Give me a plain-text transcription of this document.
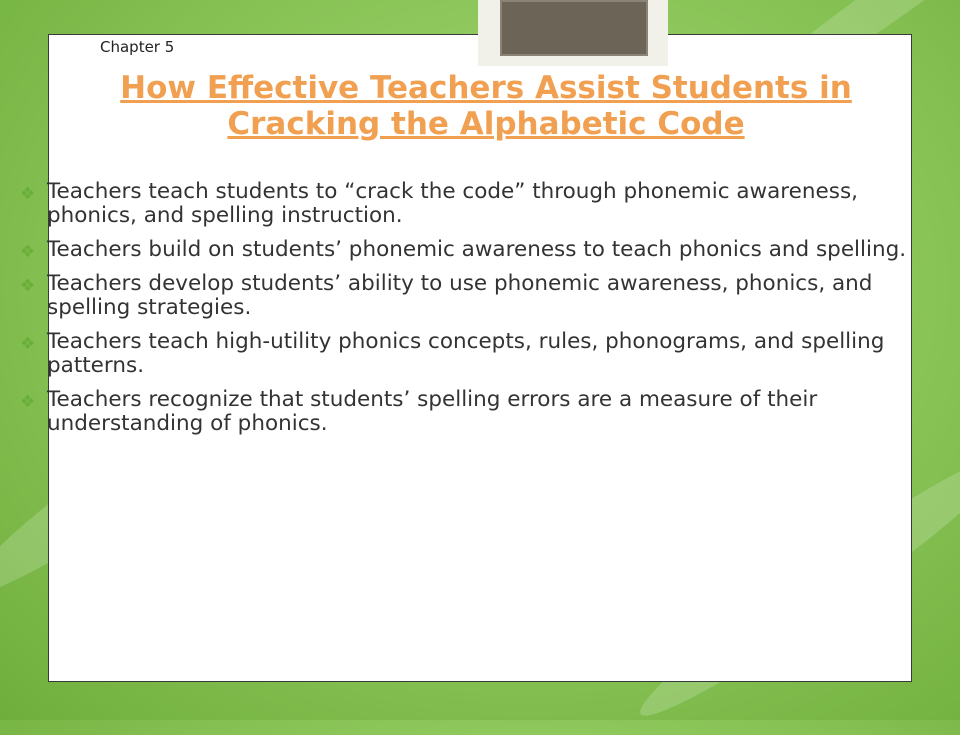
Chapter 5
How Effective Teachers Assist Students in Cracking the Alphabetic Code
❖ Teachers teach students to “crack the code” through phonemic awareness, phonics, and spelling instruction.
❖ Teachers build on students’ phonemic awareness to teach phonics and spelling.
❖ Teachers develop students’ ability to use phonemic awareness, phonics, and spelling strategies.
❖ Teachers teach high-utility phonics concepts, rules, phonograms, and spelling patterns.
❖ Teachers recognize that students’ spelling errors are a measure of their understanding of phonics.
